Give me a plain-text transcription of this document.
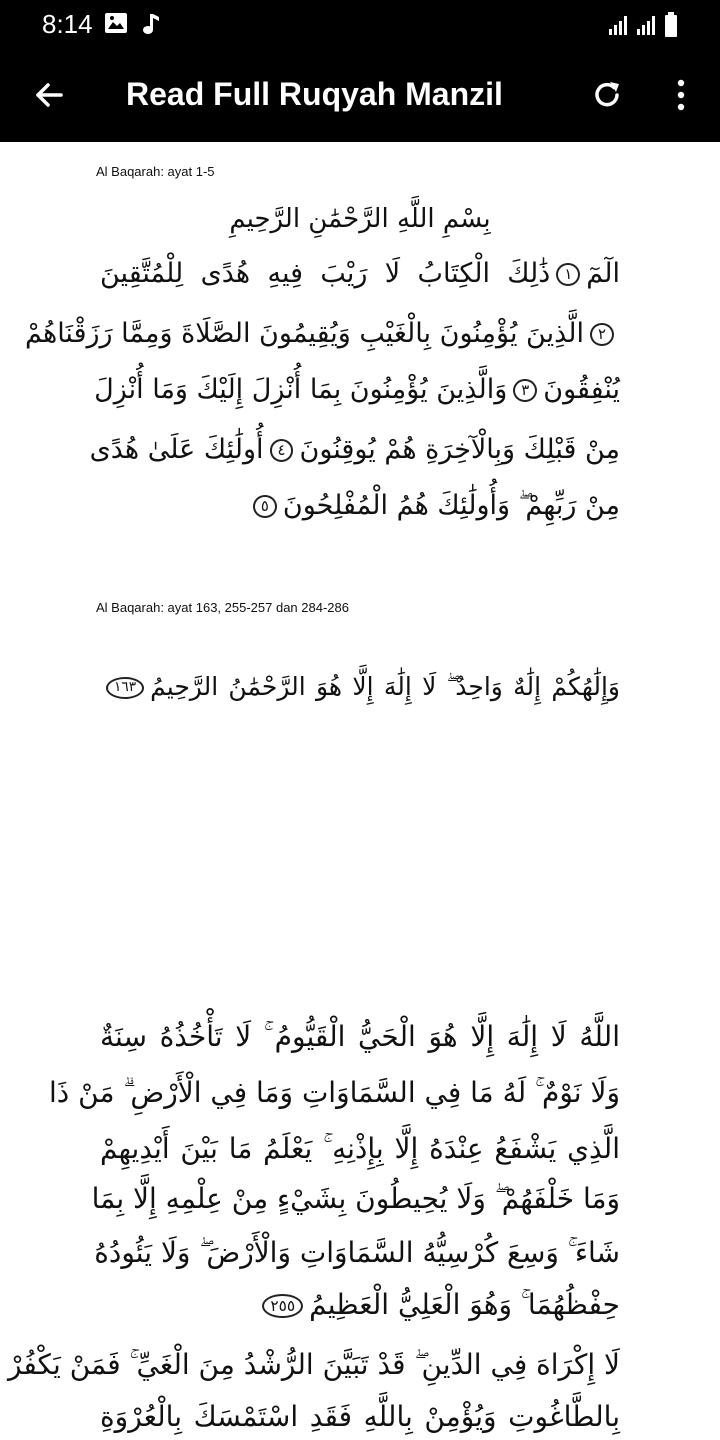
8:14
Read Full Ruqyah Manzil
Al Baqarah: ayat 1-5
بِسْمِ اللَّهِ الرَّحْمَٰنِ الرَّحِيمِ
الٓمٓ١ذَٰلِكَ الْكِتَابُ لَا رَيْبَ فِيهِ هُدًى لِلْمُتَّقِينَ
٢الَّذِينَ يُؤْمِنُونَ بِالْغَيْبِ وَيُقِيمُونَ الصَّلَاةَ وَمِمَّا رَزَقْنَاهُمْ
يُنْفِقُونَ٣وَالَّذِينَ يُؤْمِنُونَ بِمَا أُنْزِلَ إِلَيْكَ وَمَا أُنْزِلَ
مِنْ قَبْلِكَ وَبِالْآخِرَةِ هُمْ يُوقِنُونَ٤أُولَٰئِكَ عَلَىٰ هُدًى
مِنْ رَبِّهِمْ ۖ وَأُولَٰئِكَ هُمُ الْمُفْلِحُونَ٥
Al Baqarah: ayat 163, 255-257 dan 284-286
وَإِلَٰهُكُمْ إِلَٰهٌ وَاحِدٌ ۖ لَا إِلَٰهَ إِلَّا هُوَ الرَّحْمَٰنُ الرَّحِيمُ١٦٣
اللَّهُ لَا إِلَٰهَ إِلَّا هُوَ الْحَيُّ الْقَيُّومُ ۚ لَا تَأْخُذُهُ سِنَةٌ
وَلَا نَوْمٌ ۚ لَهُ مَا فِي السَّمَاوَاتِ وَمَا فِي الْأَرْضِ ۗ مَنْ ذَا
الَّذِي يَشْفَعُ عِنْدَهُ إِلَّا بِإِذْنِهِ ۚ يَعْلَمُ مَا بَيْنَ أَيْدِيهِمْ
وَمَا خَلْفَهُمْ ۖ وَلَا يُحِيطُونَ بِشَيْءٍ مِنْ عِلْمِهِ إِلَّا بِمَا
شَاءَ ۚ وَسِعَ كُرْسِيُّهُ السَّمَاوَاتِ وَالْأَرْضَ ۖ وَلَا يَئُودُهُ
حِفْظُهُمَا ۚ وَهُوَ الْعَلِيُّ الْعَظِيمُ٢٥٥
لَا إِكْرَاهَ فِي الدِّينِ ۖ قَدْ تَبَيَّنَ الرُّشْدُ مِنَ الْغَيِّ ۚ فَمَنْ يَكْفُرْ
بِالطَّاغُوتِ وَيُؤْمِنْ بِاللَّهِ فَقَدِ اسْتَمْسَكَ بِالْعُرْوَةِ
